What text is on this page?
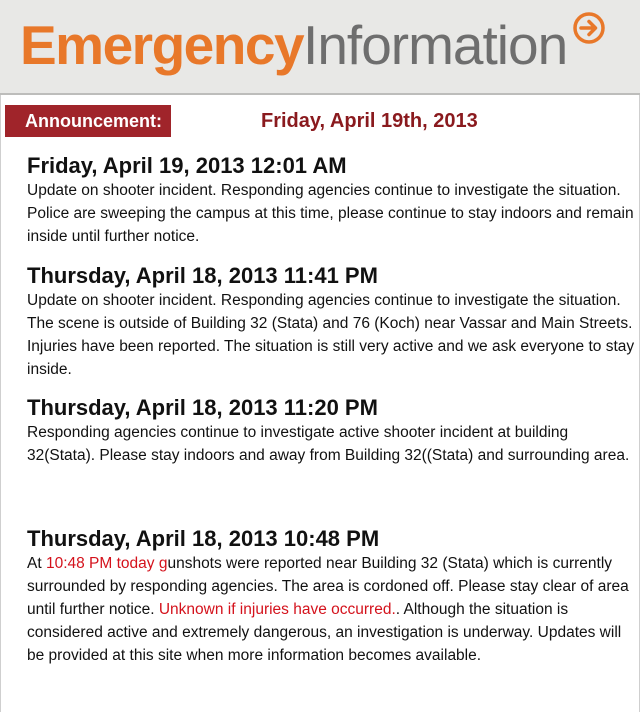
EmergencyInformation
Announcement:	Friday, April 19th, 2013
Friday, April 19, 2013 12:01 AM

Update on shooter incident. Responding agencies continue to investigate the situation. Police are sweeping the campus at this time, please continue to stay indoors and remain inside until further notice.

Thursday, April 18, 2013 11:41 PM

Update on shooter incident. Responding agencies continue to investigate the situation. The scene is outside of Building 32 (Stata) and 76 (Koch) near Vassar and Main Streets. Injuries have been reported. The situation is still very active and we ask everyone to stay inside.

Thursday, April 18, 2013 11:20 PM

Responding agencies continue to investigate active shooter incident at building 32(Stata). Please stay indoors and away from Building 32((Stata) and surrounding area.

Thursday, April 18, 2013 10:48 PM

At 10:48 PM today gunshots were reported near Building 32 (Stata) which is currently surrounded by responding agencies. The area is cordoned off. Please stay clear of area until further notice. Unknown if injuries have occurred.. Although the situation is considered active and extremely dangerous, an investigation is underway. Updates will be provided at this site when more information becomes available.
